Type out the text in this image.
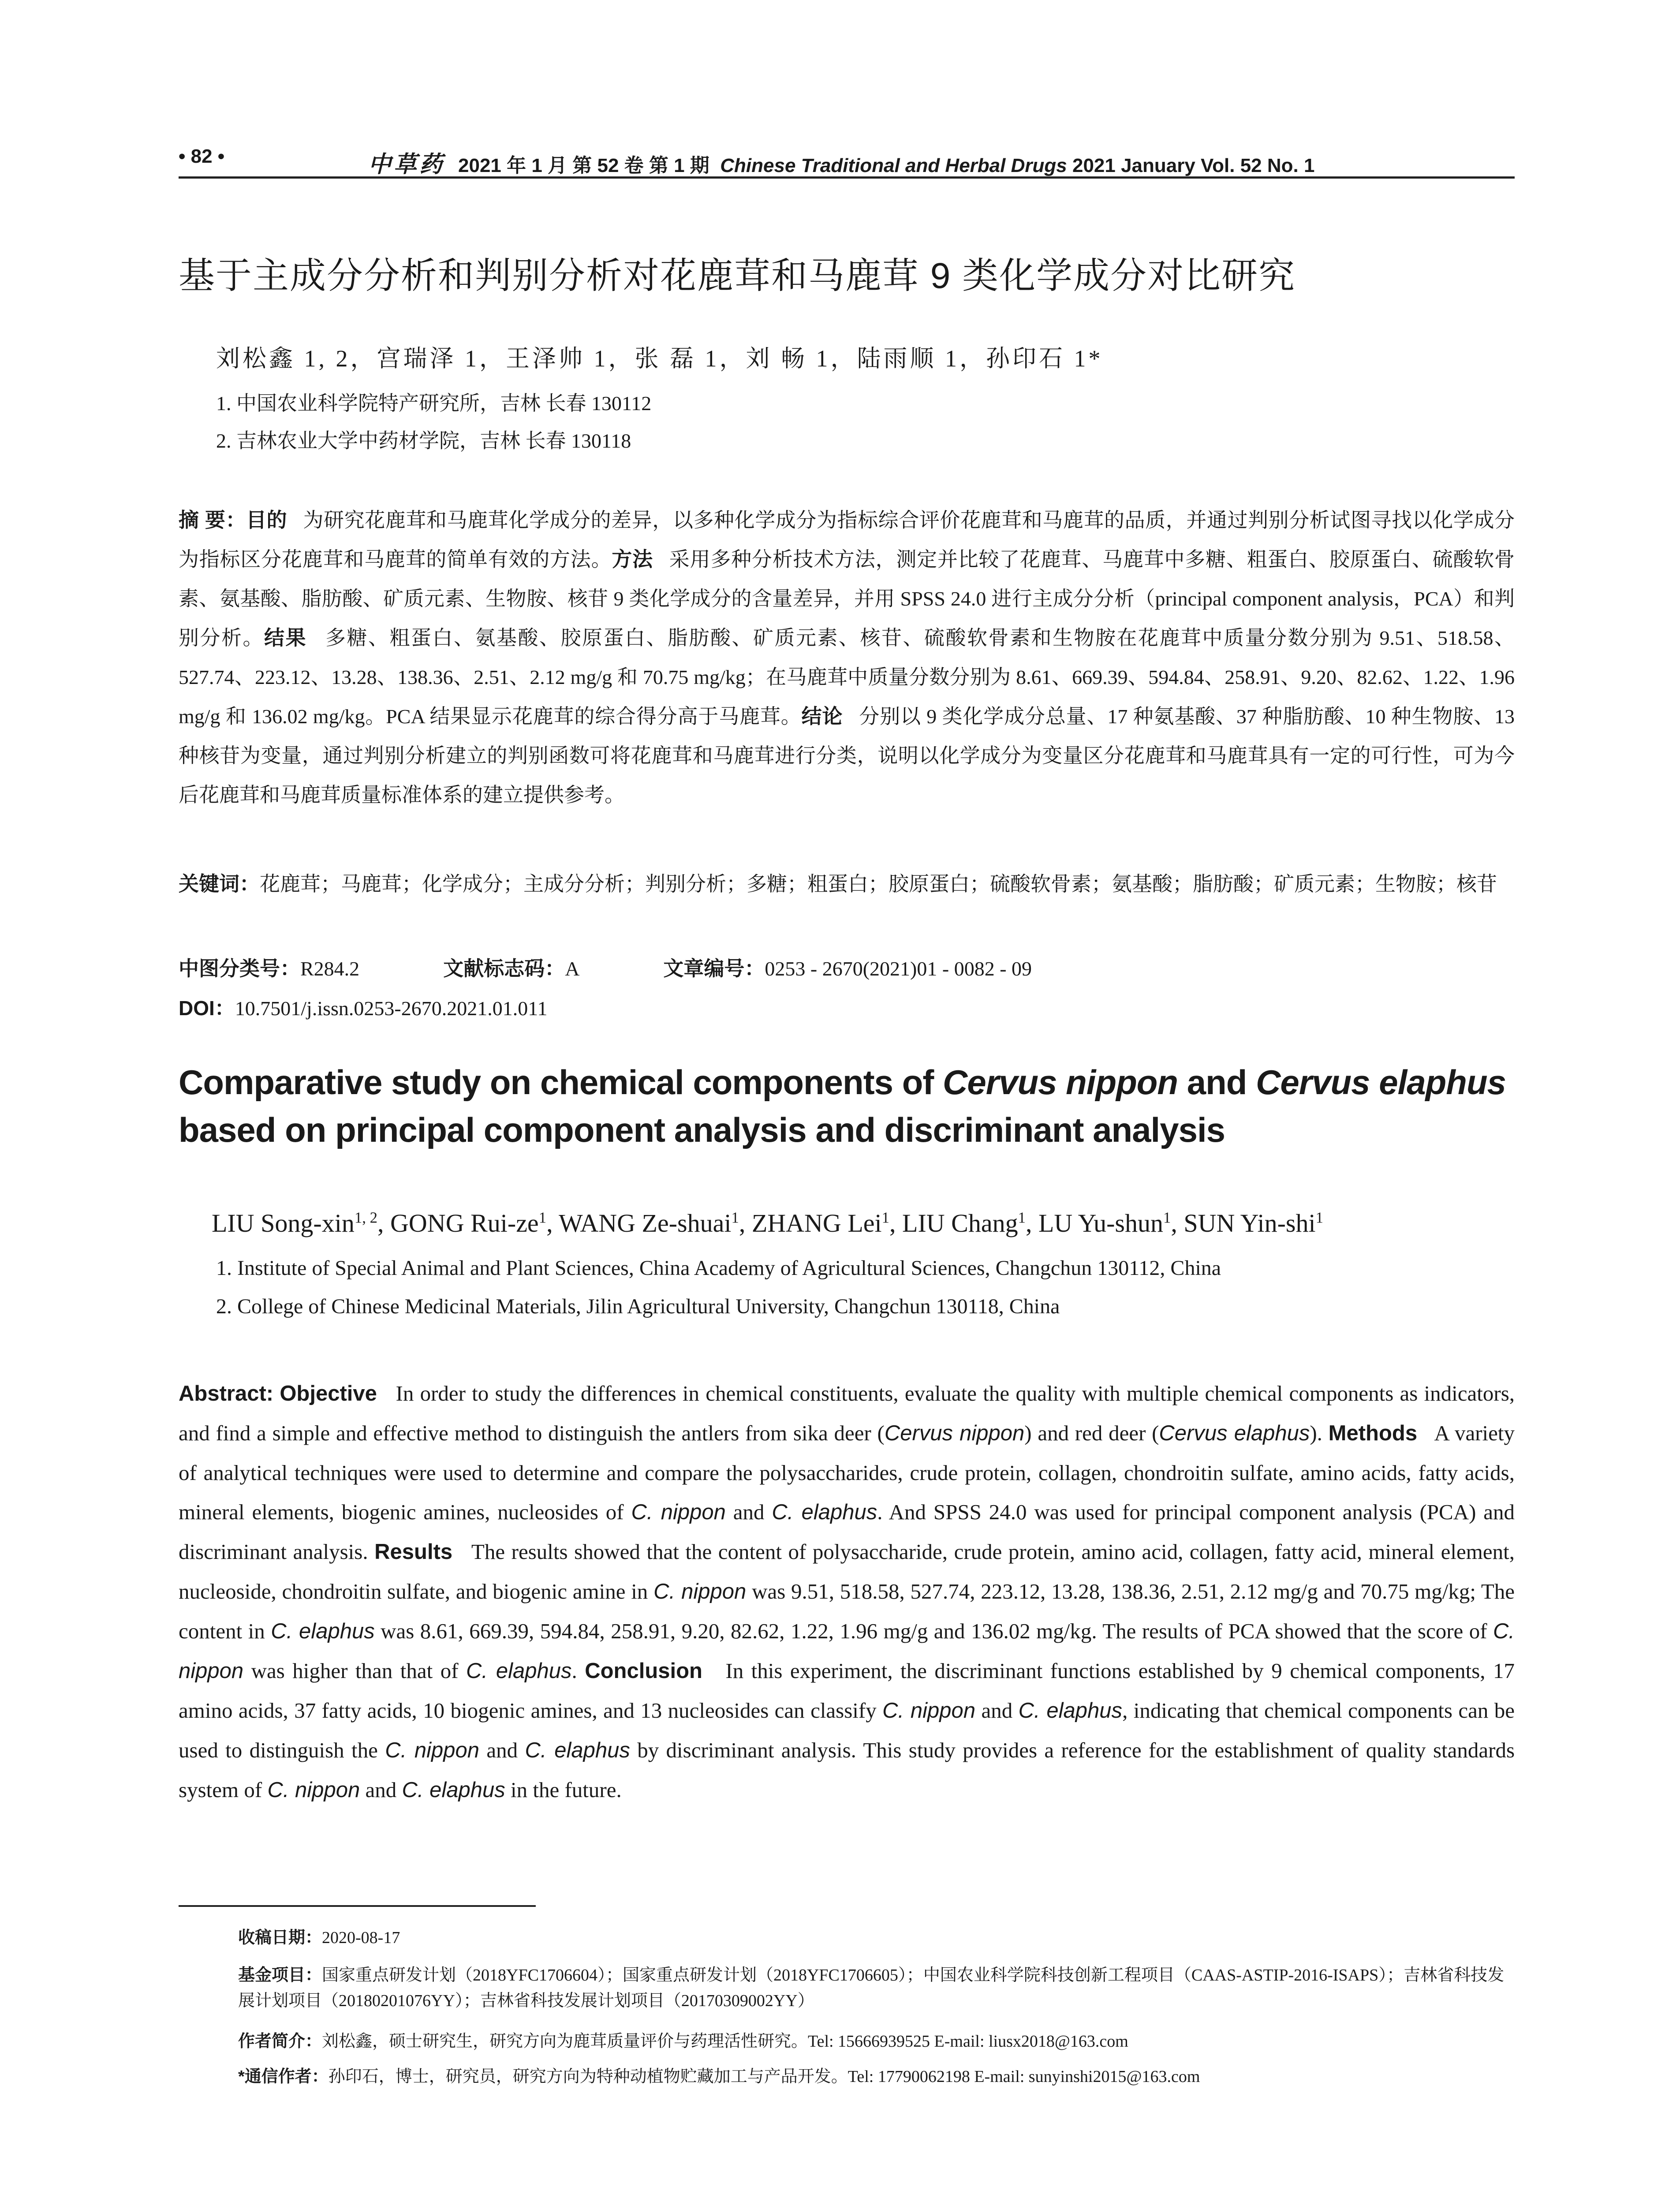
• 82 •	中草药 2021 年 1 月 第 52 卷 第 1 期 Chinese Traditional and Herbal Drugs 2021 January Vol. 52 No. 1
基于主成分分析和判别分析对花鹿茸和马鹿茸 9 类化学成分对比研究
刘松鑫 1, 2，宫瑞泽 1，王泽帅 1，张 磊 1，刘 畅 1，陆雨顺 1，孙印石 1*
1. 中国农业科学院特产研究所，吉林 长春 130112
2. 吉林农业大学中药材学院，吉林 长春 130118
摘 要：目的 为研究花鹿茸和马鹿茸化学成分的差异，以多种化学成分为指标综合评价花鹿茸和马鹿茸的品质，并通过判别分析试图寻找以化学成分为指标区分花鹿茸和马鹿茸的简单有效的方法。方法 采用多种分析技术方法，测定并比较了花鹿茸、马鹿茸中多糖、粗蛋白、胶原蛋白、硫酸软骨素、氨基酸、脂肪酸、矿质元素、生物胺、核苷 9 类化学成分的含量差异，并用 SPSS 24.0 进行主成分分析（principal component analysis，PCA）和判别分析。结果 多糖、粗蛋白、氨基酸、胶原蛋白、脂肪酸、矿质元素、核苷、硫酸软骨素和生物胺在花鹿茸中质量分数分别为 9.51、518.58、527.74、223.12、13.28、138.36、2.51、2.12 mg/g 和 70.75 mg/kg；在马鹿茸中质量分数分别为 8.61、669.39、594.84、258.91、9.20、82.62、1.22、1.96 mg/g 和 136.02 mg/kg。PCA 结果显示花鹿茸的综合得分高于马鹿茸。结论 分别以 9 类化学成分总量、17 种氨基酸、37 种脂肪酸、10 种生物胺、13 种核苷为变量，通过判别分析建立的判别函数可将花鹿茸和马鹿茸进行分类，说明以化学成分为变量区分花鹿茸和马鹿茸具有一定的可行性，可为今后花鹿茸和马鹿茸质量标准体系的建立提供参考。
关键词：花鹿茸；马鹿茸；化学成分；主成分分析；判别分析；多糖；粗蛋白；胶原蛋白；硫酸软骨素；氨基酸；脂肪酸；矿质元素；生物胺；核苷
中图分类号：R284.2	文献标志码：A	文章编号：0253 - 2670(2021)01 - 0082 - 09
DOI：10.7501/j.issn.0253-2670.2021.01.011
Comparative study on chemical components of Cervus nippon and Cervus elaphus based on principal component analysis and discriminant analysis
LIU Song-xin$^{1, 2}$, GONG Rui-$ze^1$, WANG Ze-shuai$^1$, ZHANG Lei$^1$, LIU Chang$^1$, LU Yu-shun$^1$, SUN Yin-shi$^1$
1. Institute of Special Animal and Plant Sciences, China Academy of Agricultural Sciences, Changchun 130112, China
2. College of Chinese Medicinal Materials, Jilin Agricultural University, Changchun 130118, China
Abstract: Objective In order to study the differences in chemical constituents, evaluate the quality with multiple chemical components as indicators, and find a simple and effective method to distinguish the antlers from sika deer (Cervus nippon) and red deer (Cervus elaphus). Methods A variety of analytical techniques were used to determine and compare the polysaccharides, crude protein, collagen, chondroitin sulfate, amino acids, fatty acids, mineral elements, biogenic amines, nucleosides of C. nippon and C. elaphus. And SPSS 24.0 was used for principal component analysis (PCA) and discriminant analysis. Results The results showed that the content of polysaccharide, crude protein, amino acid, collagen, fatty acid, mineral element, nucleoside, chondroitin sulfate, and biogenic amine in C. nippon was 9.51, 518.58, 527.74, 223.12, 13.28, 138.36, 2.51, 2.12 mg/g and 70.75 mg/kg; The content in C. elaphus was 8.61, 669.39, 594.84, 258.91, 9.20, 82.62, 1.22, 1.96 mg/g and 136.02 mg/kg. The results of PCA showed that the score of C. nippon was higher than that of C. elaphus. Conclusion In this experiment, the discriminant functions established by 9 chemical components, 17 amino acids, 37 fatty acids, 10 biogenic amines, and 13 nucleosides can classify C. nippon and C. elaphus, indicating that chemical components can be used to distinguish the C. nippon and C. elaphus by discriminant analysis. This study provides a reference for the establishment of quality standards system of C. nippon and C. elaphus in the future.
收稿日期：2020-08-17
基金项目：国家重点研发计划（2018YFC1706604）；国家重点研发计划（2018YFC1706605）；中国农业科学院科技创新工程项目（CAAS-ASTIP-2016-ISAPS）；吉林省科技发展计划项目（20180201076YY）；吉林省科技发展计划项目（20170309002YY）
作者简介：刘松鑫，硕士研究生，研究方向为鹿茸质量评价与药理活性研究。Tel: 15666939525 E-mail: liusx2018@163.com
*通信作者：孙印石，博士，研究员，研究方向为特种动植物贮藏加工与产品开发。Tel: 17790062198 E-mail: sunyinshi2015@163.com
